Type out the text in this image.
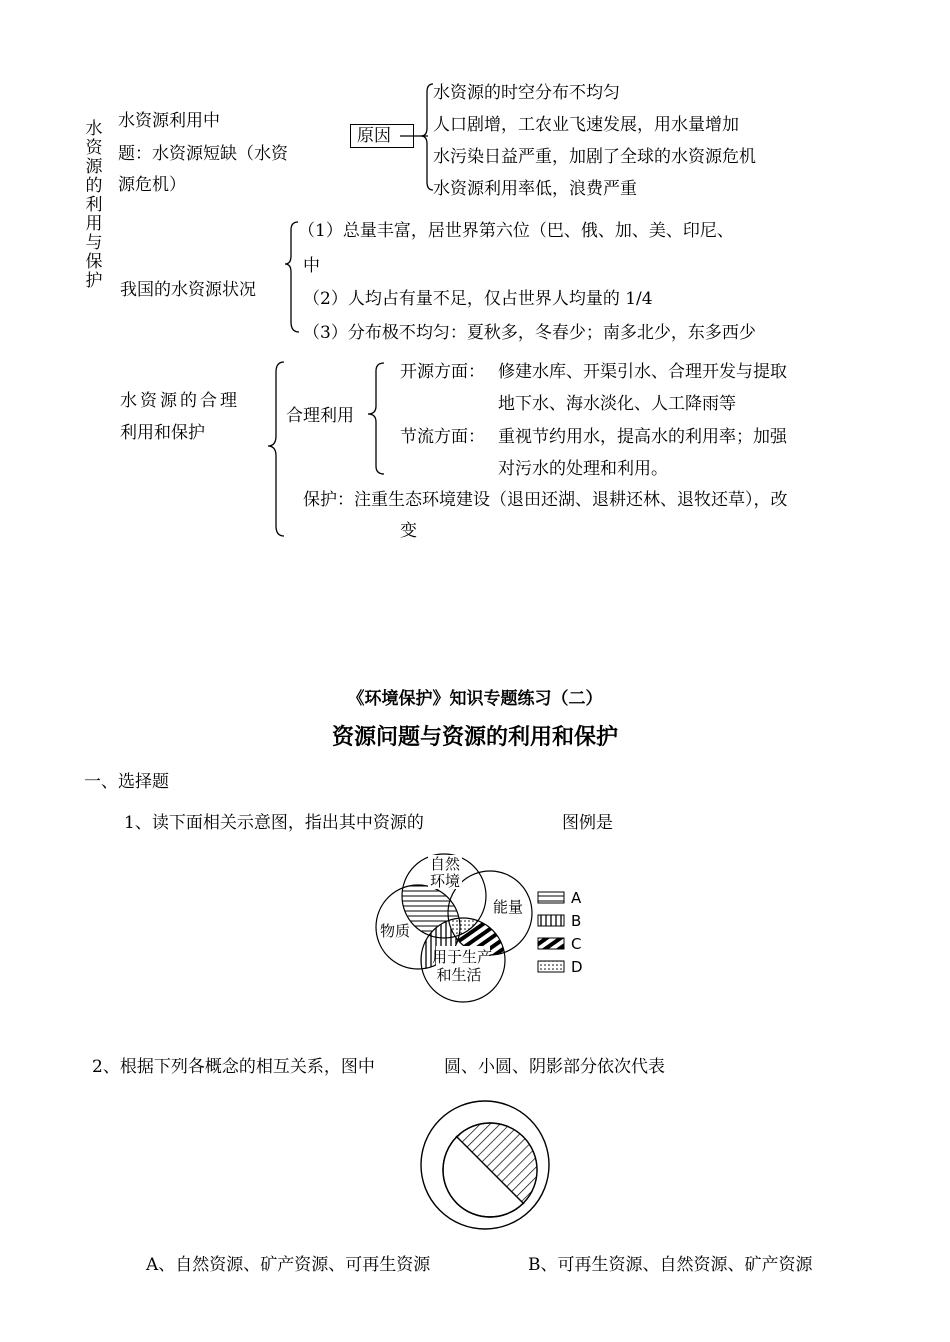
水资源的利用与保护
水资源利用中
题：水资源短缺（水资
源危机）
原因
水资源的时空分布不均匀
人口剧增，工农业飞速发展，用水量增加
水污染日益严重，加剧了全球的水资源危机
水资源利用率低，浪费严重
我国的水资源状况
（1）总量丰富，居世界第六位（巴、俄、加、美、印尼、
中
（2）人均占有量不足，仅占世界人均量的 1/4
（3）分布极不均匀：夏秋多，冬春少；南多北少，东多西少
水资源的合理
利用和保护
合理利用
开源方面： 修建水库、开渠引水、合理开发与提取
地下水、海水淡化、人工降雨等
节流方面： 重视节约用水，提高水的利用率；加强
对污水的处理和利用。
保护：注重生态环境建设（退田还湖、退耕还林、退牧还草），改
变
《环境保护》知识专题练习（二）
资源问题与资源的利用和保护
一、选择题
1、读下面相关示意图，指出其中资源的	图例是
自然
环境
能量
物质
用于生产
和生活
A
B
C
D
2、根据下列各概念的相互关系，图中	圆、小圆、阴影部分依次代表
A、自然资源、矿产资源、可再生资源	B、可再生资源、自然资源、矿产资源
